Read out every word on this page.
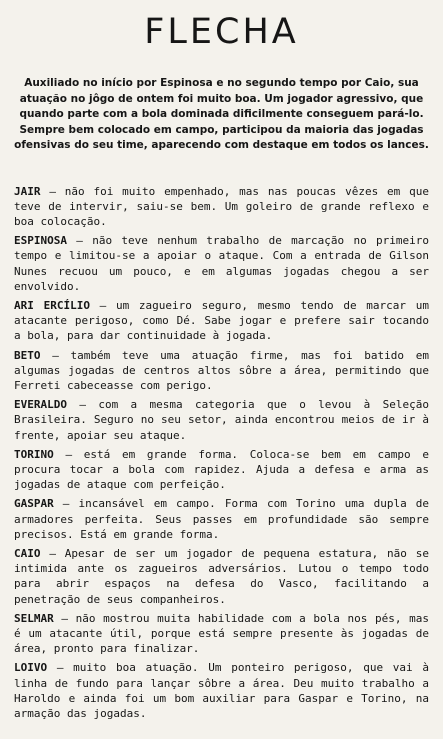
FLECHA
Auxiliado no início por Espinosa e no segundo tempo por Caio, sua atuação no jôgo de ontem foi muito boa. Um jogador agressivo, que quando parte com a bola dominada dificilmente conseguem pará-lo. Sempre bem colocado em campo, participou da maioria das jogadas ofensivas do seu time, aparecendo com destaque em todos os lances.

JAIR — não foi muito empenhado, mas nas poucas vêzes em que teve de intervir, saiu-se bem. Um goleiro de grande reflexo e boa colocação.

ESPINOSA — não teve nenhum trabalho de marcação no primeiro tempo e limitou-se a apoiar o ataque. Com a entrada de Gilson Nunes recuou um pouco, e em algumas jogadas chegou a ser envolvido.

ARI ERCÍLIO — um zagueiro seguro, mesmo tendo de marcar um atacante perigoso, como Dé. Sabe jogar e prefere sair tocando a bola, para dar continuidade à jogada.

BETO — também teve uma atuação firme, mas foi batido em algumas jogadas de centros altos sôbre a área, permitindo que Ferreti cabeceasse com perigo.

EVERALDO — com a mesma categoria que o levou à Seleção Brasileira. Seguro no seu setor, ainda encontrou meios de ir à frente, apoiar seu ataque.

TORINO — está em grande forma. Coloca-se bem em campo e procura tocar a bola com rapidez. Ajuda a defesa e arma as jogadas de ataque com perfeição.

GASPAR — incansável em campo. Forma com Torino uma dupla de armadores perfeita. Seus passes em profundidade são sempre precisos. Está em grande forma.

CAIO — Apesar de ser um jogador de pequena estatura, não se intimida ante os zagueiros adversários. Lutou o tempo todo para abrir espaços na defesa do Vasco, facilitando a penetração de seus companheiros.

SELMAR — não mostrou muita habilidade com a bola nos pés, mas é um atacante útil, porque está sempre presente às jogadas de área, pronto para finalizar.

LOIVO — muito boa atuação. Um ponteiro perigoso, que vai à linha de fundo para lançar sôbre a área. Deu muito trabalho a Haroldo e ainda foi um bom auxiliar para Gaspar e Torino, na armação das jogadas.
